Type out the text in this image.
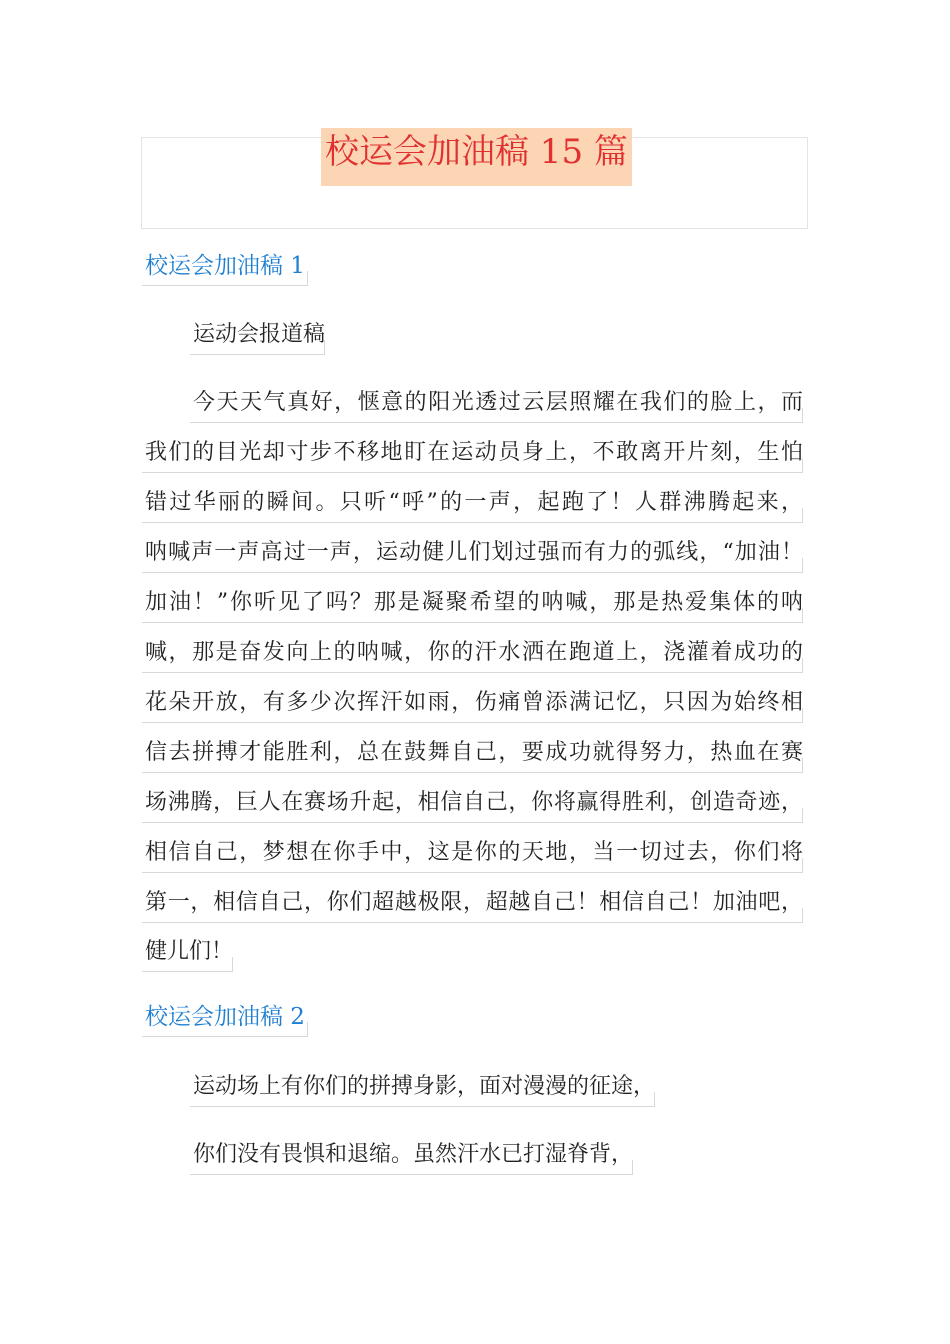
校运会加油稿 15 篇
校运会加油稿 1
运动会报道稿
今天天气真好，惬意的阳光透过云层照耀在我们的脸上，而
我们的目光却寸步不移地盯在运动员身上，不敢离开片刻，生怕
错过华丽的瞬间。只听“呼”的一声，起跑了！人群沸腾起来，
呐喊声一声高过一声，运动健儿们划过强而有力的弧线，“加油！
加油！”你听见了吗？那是凝聚希望的呐喊，那是热爱集体的呐
喊，那是奋发向上的呐喊，你的汗水洒在跑道上，浇灌着成功的
花朵开放，有多少次挥汗如雨，伤痛曾添满记忆，只因为始终相
信去拼搏才能胜利，总在鼓舞自己，要成功就得努力，热血在赛
场沸腾，巨人在赛场升起，相信自己，你将赢得胜利，创造奇迹，
相信自己，梦想在你手中，这是你的天地，当一切过去，你们将
第一，相信自己，你们超越极限，超越自己！相信自己！加油吧，
健儿们！
校运会加油稿 2
运动场上有你们的拼搏身影，面对漫漫的征途，
你们没有畏惧和退缩。虽然汗水已打湿脊背，
